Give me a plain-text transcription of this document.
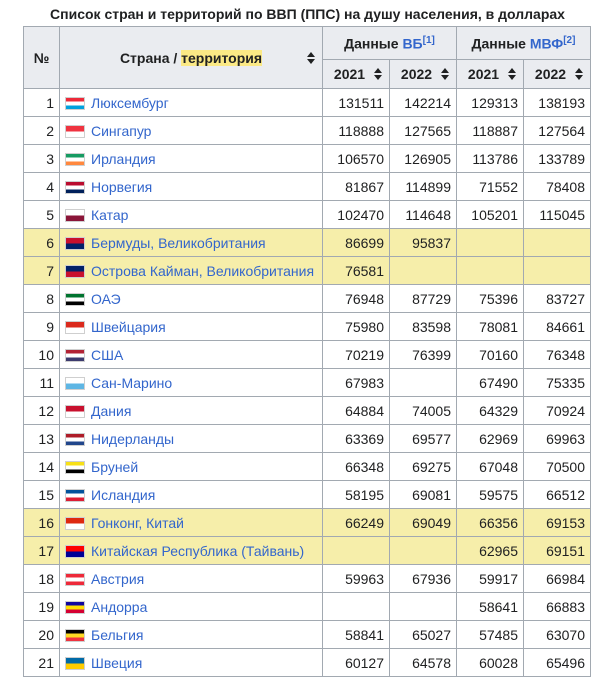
Список стран и территорий по ВВП (ППС) на душу населения, в долларах
№	Страна / территория	Данные ВБ[1]		Данные МВФ[2]
		2021	2022	2021	2022

1	Люксембург	131511	142214	129313	138193
2	Сингапур	118888	127565	118887	127564
3	Ирландия	106570	126905	113786	133789
4	Норвегия	81867	114899	71552	78408
5	Катар	102470	114648	105201	115045
6	Бермуды, Великобритания	86699	95837		
7	Острова Кайман, Великобритания	76581			
8	ОАЭ	76948	87729	75396	83727
9	Швейцария	75980	83598	78081	84661
10	США	70219	76399	70160	76348
11	Сан-Марино	67983		67490	75335
12	Дания	64884	74005	64329	70924
13	Нидерланды	63369	69577	62969	69963
14	Бруней	66348	69275	67048	70500
15	Исландия	58195	69081	59575	66512
16	Гонконг, Китай	66249	69049	66356	69153
17	Китайская Республика (Тайвань)			62965	69151
18	Австрия	59963	67936	59917	66984
19	Андорра			58641	66883
20	Бельгия	58841	65027	57485	63070
21	Швеция	60127	64578	60028	65496
